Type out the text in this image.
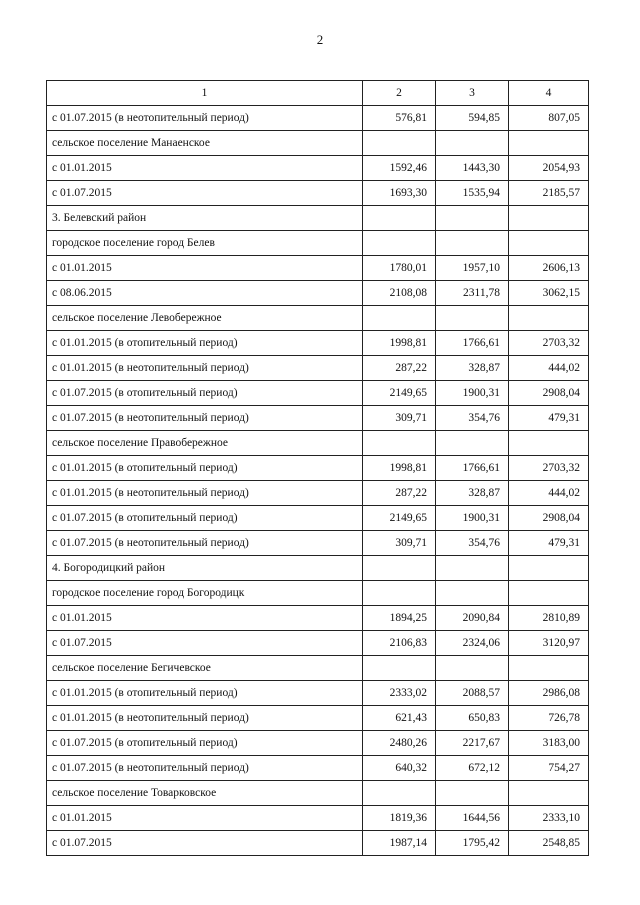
2
1	2	3	4
с 01.07.2015 (в неотопительный период)	576,81	594,85	807,05
сельское поселение Манаенское			
с 01.01.2015	1592,46	1443,30	2054,93
с 01.07.2015	1693,30	1535,94	2185,57
3. Белевский район			
городское поселение город Белев			
с 01.01.2015	1780,01	1957,10	2606,13
с 08.06.2015	2108,08	2311,78	3062,15
сельское поселение Левобережное			
с 01.01.2015 (в отопительный период)	1998,81	1766,61	2703,32
с 01.01.2015 (в неотопительный период)	287,22	328,87	444,02
с 01.07.2015 (в отопительный период)	2149,65	1900,31	2908,04
с 01.07.2015 (в неотопительный период)	309,71	354,76	479,31
сельское поселение Правобережное			
с 01.01.2015 (в отопительный период)	1998,81	1766,61	2703,32
с 01.01.2015 (в неотопительный период)	287,22	328,87	444,02
с 01.07.2015 (в отопительный период)	2149,65	1900,31	2908,04
с 01.07.2015 (в неотопительный период)	309,71	354,76	479,31
4. Богородицкий район			
городское поселение город Богородицк			
с 01.01.2015	1894,25	2090,84	2810,89
с 01.07.2015	2106,83	2324,06	3120,97
сельское поселение Бегичевское			
с 01.01.2015 (в отопительный период)	2333,02	2088,57	2986,08
с 01.01.2015 (в неотопительный период)	621,43	650,83	726,78
с 01.07.2015 (в отопительный период)	2480,26	2217,67	3183,00
с 01.07.2015 (в неотопительный период)	640,32	672,12	754,27
сельское поселение Товарковское			
с 01.01.2015	1819,36	1644,56	2333,10
с 01.07.2015	1987,14	1795,42	2548,85
